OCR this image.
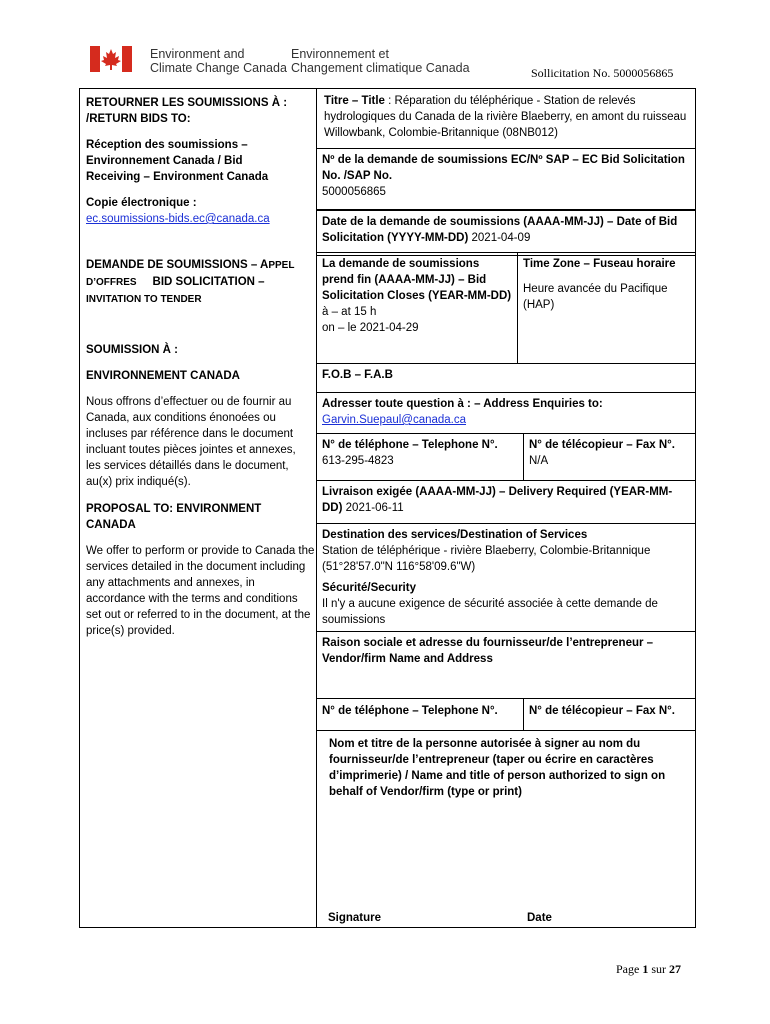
Environment and
Climate Change Canada
Environnement et
Changement climatique Canada	Sollicitation No. 5000056865
RETOURNER LES SOUMISSIONS À : /RETURN BIDS TO:
Réception des soumissions – Environnement Canada / Bid Receiving – Environment Canada
Copie électronique :
ec.soumissions-bids.ec@canada.ca
DEMANDE DE SOUMISSIONS – APPEL
D’OFFRES BID SOLICITATION –
INVITATION TO TENDER
SOUMISSION À :
ENVIRONNEMENT CANADA
Nous offrons d’effectuer ou de fournir au Canada, aux conditions énonoées ou incluses par référence dans le document incluant toutes pièces jointes et annexes, les services détaillés dans le document, au(x) prix indiqué(s).
PROPOSAL TO: ENVIRONMENT CANADA
We offer to perform or provide to Canada the services detailed in the document including any attachments and annexes, in accordance with the terms and conditions set out or referred to in the document, at the price(s) provided.
Titre – Title : Réparation du téléphérique - Station de relevés hydrologiques du Canada de la rivière Blaeberry, en amont du ruisseau Willowbank, Colombie-Britannique (08NB012)
Nº de la demande de soumissions EC/Nº SAP – EC Bid Solicitation No. /SAP No.
5000056865
Date de la demande de soumissions (AAAA-MM-JJ) – Date of Bid Solicitation (YYYY-MM-DD) 2021-04-09
La demande de soumissions prend fin (AAAA-MM-JJ) – Bid Solicitation Closes (YEAR-MM-DD)
à – at 15 h
on – le 2021-04-29
Time Zone – Fuseau horaire
Heure avancée du Pacifique (HAP)
F.O.B – F.A.B
Adresser toute question à : – Address Enquiries to:
Garvin.Suepaul@canada.ca
N° de téléphone – Telephone N°.
613-295-4823
N° de télécopieur – Fax N°.
N/A
Livraison exigée (AAAA-MM-JJ) – Delivery Required (YEAR-MM-DD) 2021-06-11
Destination des services/Destination of Services
Station de téléphérique - rivière Blaeberry, Colombie-Britannique (51°28'57.0"N 116°58'09.6"W)
Sécurité/Security
Il n'y a aucune exigence de sécurité associée à cette demande de soumissions
Raison sociale et adresse du fournisseur/de l’entrepreneur – Vendor/firm Name and Address
N° de téléphone – Telephone N°.	N° de télécopieur – Fax N°.
Nom et titre de la personne autorisée à signer au nom du fournisseur/de l’entrepreneur (taper ou écrire en caractères d’imprimerie) / Name and title of person authorized to sign on behalf of Vendor/firm (type or print)
Signature	Date
Page 1 sur 27
